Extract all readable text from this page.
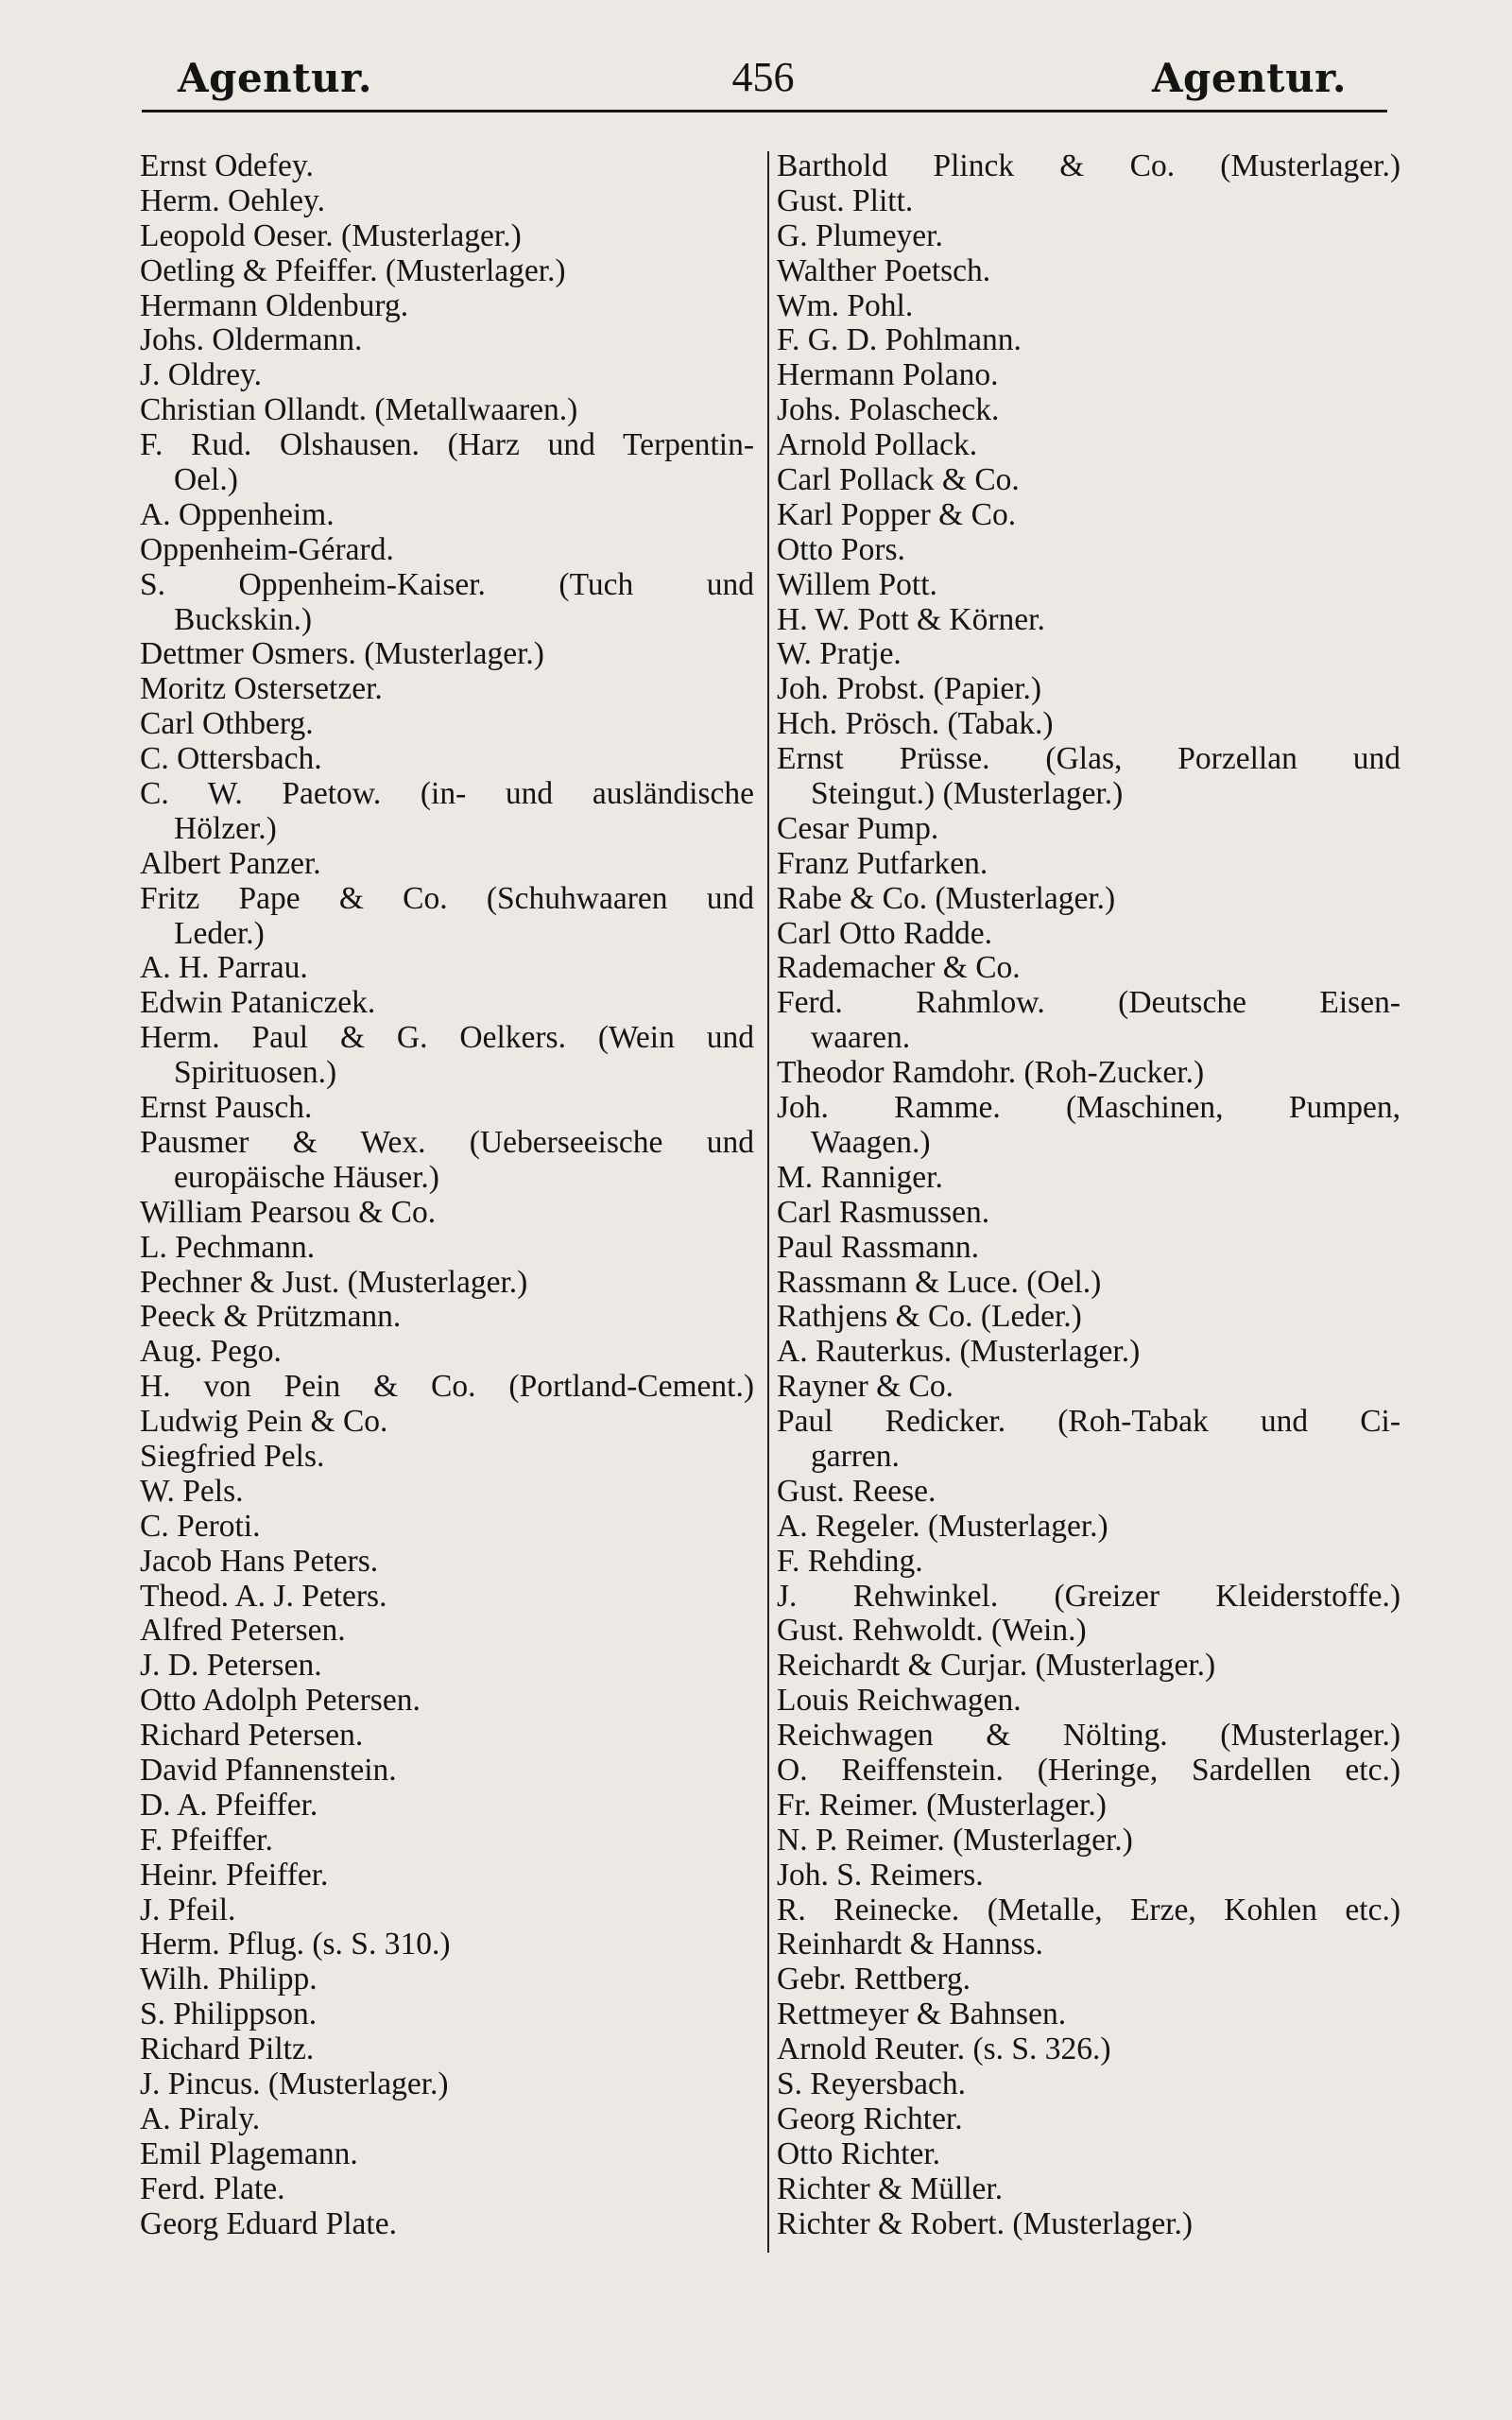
Agentur.	456	Agentur.
Ernst Odefey.
Herm. Oehley.
Leopold Oeser. (Musterlager.)
Oetling & Pfeiffer. (Musterlager.)
Hermann Oldenburg.
Johs. Oldermann.
J. Oldrey.
Christian Ollandt. (Metallwaaren.)
F. Rud. Olshausen. (Harz und Terpentin-
Oel.)
A. Oppenheim.
Oppenheim-Gérard.
S. Oppenheim-Kaiser. (Tuch und
Buckskin.)
Dettmer Osmers. (Musterlager.)
Moritz Ostersetzer.
Carl Othberg.
C. Ottersbach.
C. W. Paetow. (in- und ausländische
Hölzer.)
Albert Panzer.
Fritz Pape & Co. (Schuhwaaren und
Leder.)
A. H. Parrau.
Edwin Pataniczek.
Herm. Paul & G. Oelkers. (Wein und
Spirituosen.)
Ernst Pausch.
Pausmer & Wex. (Ueberseeische und
europäische Häuser.)
William Pearsou & Co.
L. Pechmann.
Pechner & Just. (Musterlager.)
Peeck & Prützmann.
Aug. Pego.
H. von Pein & Co. (Portland-Cement.)
Ludwig Pein & Co.
Siegfried Pels.
W. Pels.
C. Peroti.
Jacob Hans Peters.
Theod. A. J. Peters.
Alfred Petersen.
J. D. Petersen.
Otto Adolph Petersen.
Richard Petersen.
David Pfannenstein.
D. A. Pfeiffer.
F. Pfeiffer.
Heinr. Pfeiffer.
J. Pfeil.
Herm. Pflug. (s. S. 310.)
Wilh. Philipp.
S. Philippson.
Richard Piltz.
J. Pincus. (Musterlager.)
A. Piraly.
Emil Plagemann.
Ferd. Plate.
Georg Eduard Plate.
Barthold Plinck & Co. (Musterlager.)
Gust. Plitt.
G. Plumeyer.
Walther Poetsch.
Wm. Pohl.
F. G. D. Pohlmann.
Hermann Polano.
Johs. Polascheck.
Arnold Pollack.
Carl Pollack & Co.
Karl Popper & Co.
Otto Pors.
Willem Pott.
H. W. Pott & Körner.
W. Pratje.
Joh. Probst. (Papier.)
Hch. Prösch. (Tabak.)
Ernst Prüsse. (Glas, Porzellan und
Steingut.) (Musterlager.)
Cesar Pump.
Franz Putfarken.
Rabe & Co. (Musterlager.)
Carl Otto Radde.
Rademacher & Co.
Ferd. Rahmlow. (Deutsche Eisen-
waaren.
Theodor Ramdohr. (Roh-Zucker.)
Joh. Ramme. (Maschinen, Pumpen,
Waagen.)
M. Ranniger.
Carl Rasmussen.
Paul Rassmann.
Rassmann & Luce. (Oel.)
Rathjens & Co. (Leder.)
A. Rauterkus. (Musterlager.)
Rayner & Co.
Paul Redicker. (Roh-Tabak und Ci-
garren.
Gust. Reese.
A. Regeler. (Musterlager.)
F. Rehding.
J. Rehwinkel. (Greizer Kleiderstoffe.)
Gust. Rehwoldt. (Wein.)
Reichardt & Curjar. (Musterlager.)
Louis Reichwagen.
Reichwagen & Nölting. (Musterlager.)
O. Reiffenstein. (Heringe, Sardellen etc.)
Fr. Reimer. (Musterlager.)
N. P. Reimer. (Musterlager.)
Joh. S. Reimers.
R. Reinecke. (Metalle, Erze, Kohlen etc.)
Reinhardt & Hannss.
Gebr. Rettberg.
Rettmeyer & Bahnsen.
Arnold Reuter. (s. S. 326.)
S. Reyersbach.
Georg Richter.
Otto Richter.
Richter & Müller.
Richter & Robert. (Musterlager.)
